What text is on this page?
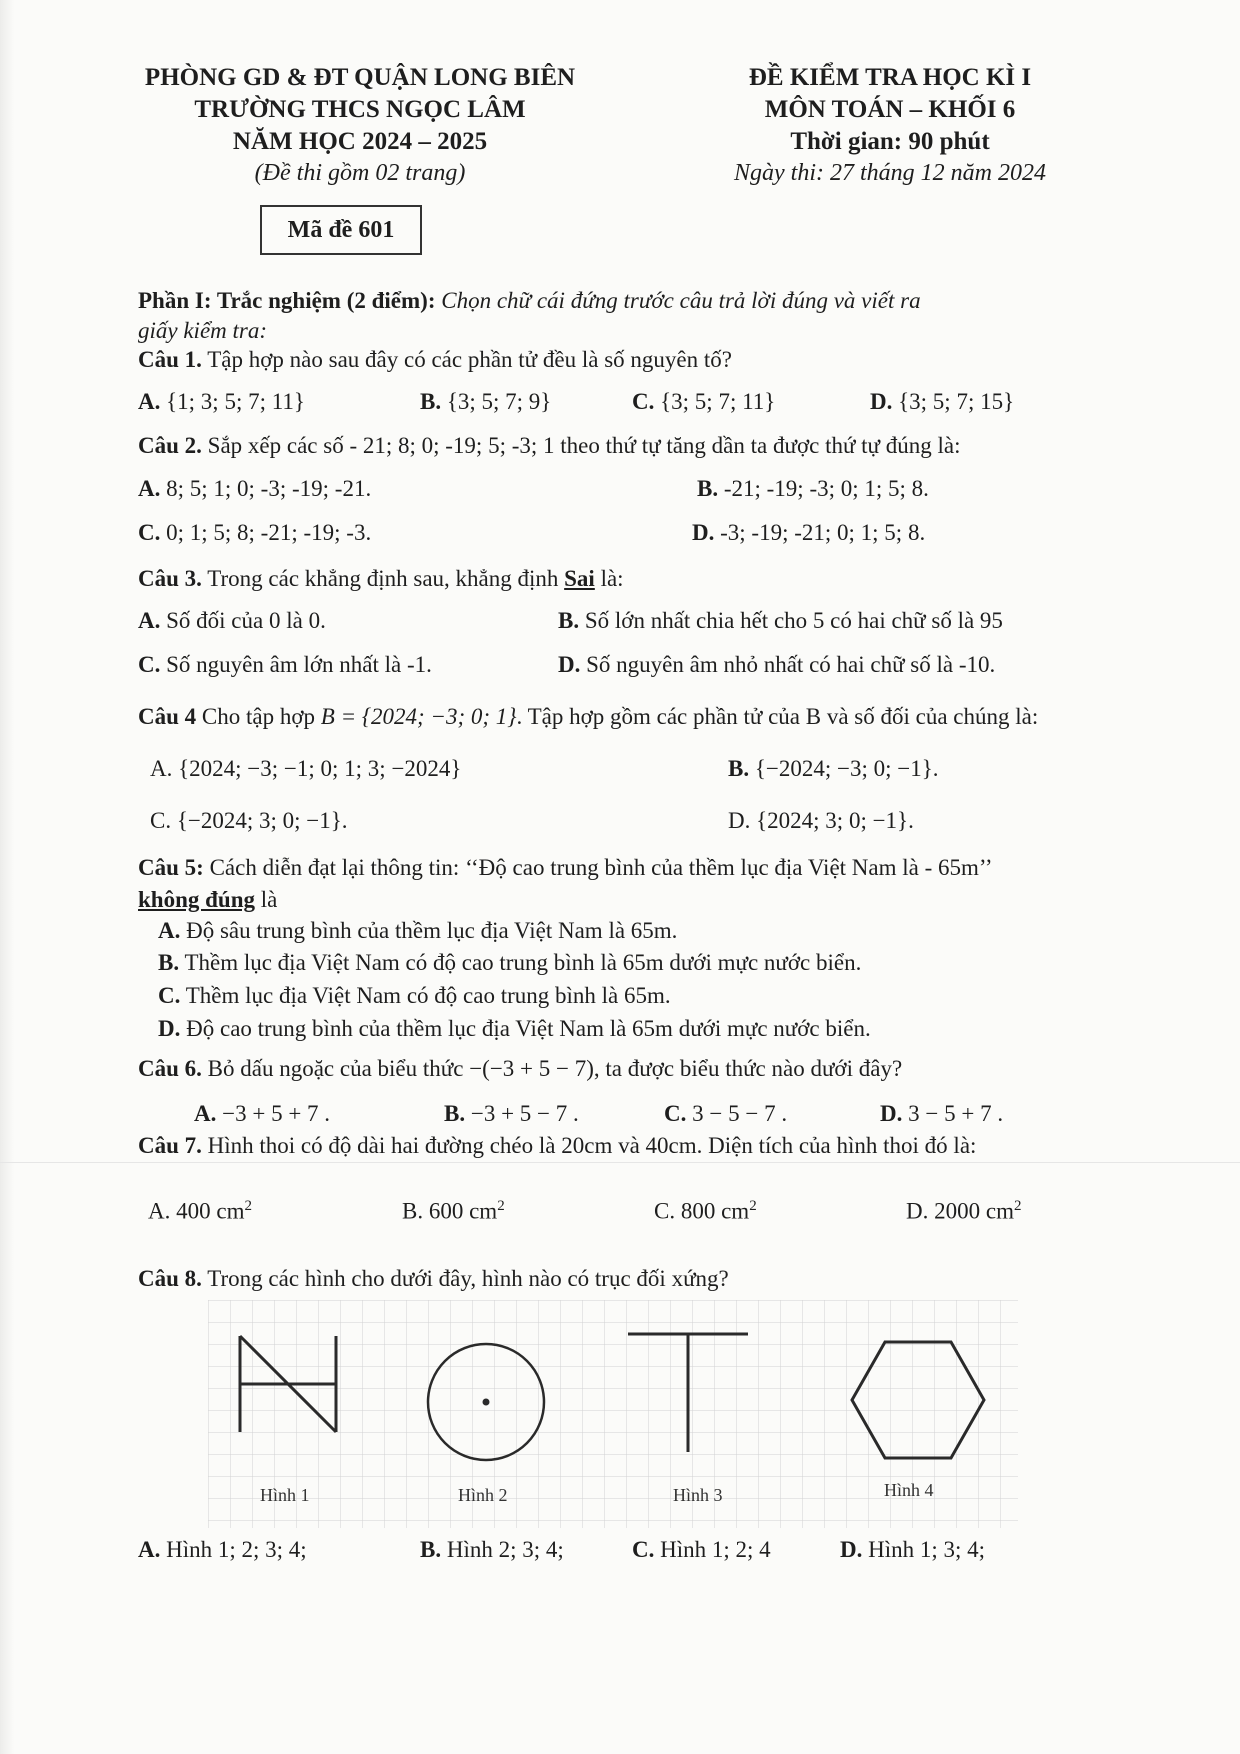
PHÒNG GD & ĐT QUẬN LONG BIÊN
TRƯỜNG THCS NGỌC LÂM
NĂM HỌC 2024 – 2025
(Đề thi gồm 02 trang)
ĐỀ KIỂM TRA HỌC KÌ I
MÔN TOÁN – KHỐI 6
Thời gian: 90 phút
Ngày thi: 27 tháng 12 năm 2024
Mã đề 601
Phần I: Trắc nghiệm (2 điểm): Chọn chữ cái đứng trước câu trả lời đúng và viết ra
giấy kiểm tra:
Câu 1. Tập hợp nào sau đây có các phần tử đều là số nguyên tố?
A. {1; 3; 5; 7; 11}	B. {3; 5; 7; 9}	C. {3; 5; 7; 11}	D. {3; 5; 7; 15}
Câu 2. Sắp xếp các số - 21; 8; 0; -19; 5; -3; 1 theo thứ tự tăng dần ta được thứ tự đúng là:
A. 8; 5; 1; 0; -3; -19; -21.	B. -21; -19; -3; 0; 1; 5; 8.
C. 0; 1; 5; 8; -21; -19; -3.	D. -3; -19; -21; 0; 1; 5; 8.
Câu 3. Trong các khẳng định sau, khẳng định Sai là:
A. Số đối của 0 là 0.	B. Số lớn nhất chia hết cho 5 có hai chữ số là 95
C. Số nguyên âm lớn nhất là -1.	D. Số nguyên âm nhỏ nhất có hai chữ số là -10.
Câu 4 Cho tập hợp B = {2024; −3; 0; 1}. Tập hợp gồm các phần tử của B và số đối của chúng là:
A. {2024; −3; −1; 0; 1; 3; −2024}	B. {−2024; −3; 0; −1}.
C. {−2024; 3; 0; −1}.	D. {2024; 3; 0; −1}.
Câu 5: Cách diễn đạt lại thông tin: ‘‘Độ cao trung bình của thềm lục địa Việt Nam là - 65m’’
không đúng là
A. Độ sâu trung bình của thềm lục địa Việt Nam là 65m.
B. Thềm lục địa Việt Nam có độ cao trung bình là 65m dưới mực nước biển.
C. Thềm lục địa Việt Nam có độ cao trung bình là 65m.
D. Độ cao trung bình của thềm lục địa Việt Nam là 65m dưới mực nước biển.
Câu 6. Bỏ dấu ngoặc của biểu thức −(−3 + 5 − 7), ta được biểu thức nào dưới đây?
A. −3 + 5 + 7 .	B. −3 + 5 − 7 .	C. 3 − 5 − 7 .	D. 3 − 5 + 7 .
Câu 7. Hình thoi có độ dài hai đường chéo là 20cm và 40cm. Diện tích của hình thoi đó là:
A. 400 $cm^2$	B. 600 $cm^2$	C. 800 $cm^2$	D. 2000 $cm^2$
Câu 8. Trong các hình cho dưới đây, hình nào có trục đối xứng?
Hình 1	Hình 2	Hình 3	Hình 4
A. Hình 1; 2; 3; 4;	B. Hình 2; 3; 4;	C. Hình 1; 2; 4	D. Hình 1; 3; 4;
